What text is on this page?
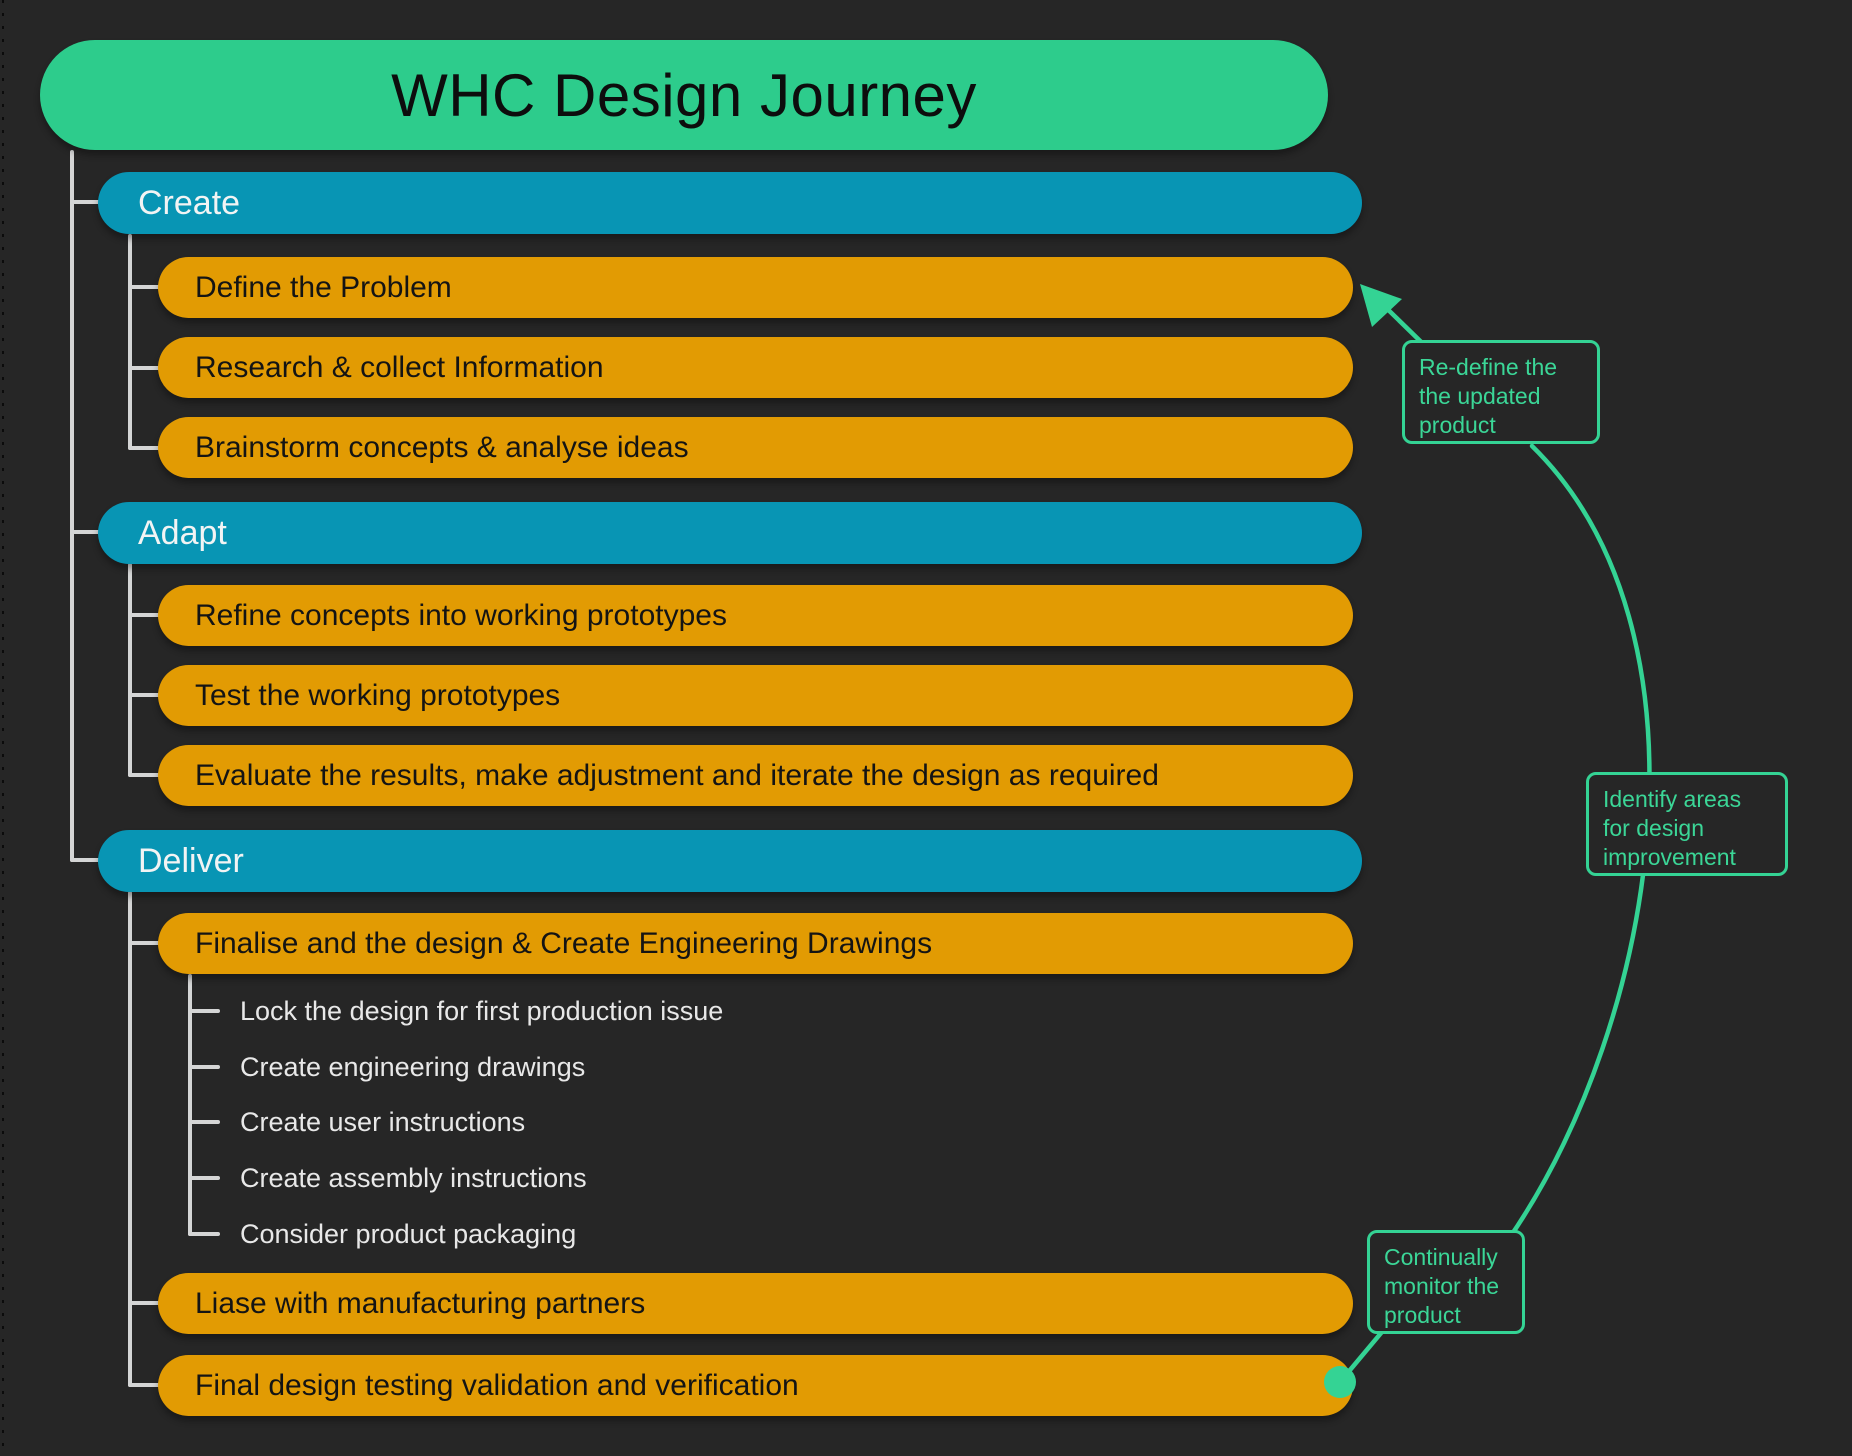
WHC Design Journey
Create
Define the Problem
Research & collect Information
Brainstorm concepts & analyse ideas
Adapt
Refine concepts into working prototypes
Test the working prototypes
Evaluate the results, make adjustment and iterate the design as required
Deliver
Finalise and the design & Create Engineering Drawings
Lock the design for first production issue
Create engineering drawings
Create user instructions
Create assembly instructions
Consider product packaging
Liase with manufacturing partners
Final design testing validation and verification
Re-define the the updated product
Identify areas for design improvement
Continually monitor the product
